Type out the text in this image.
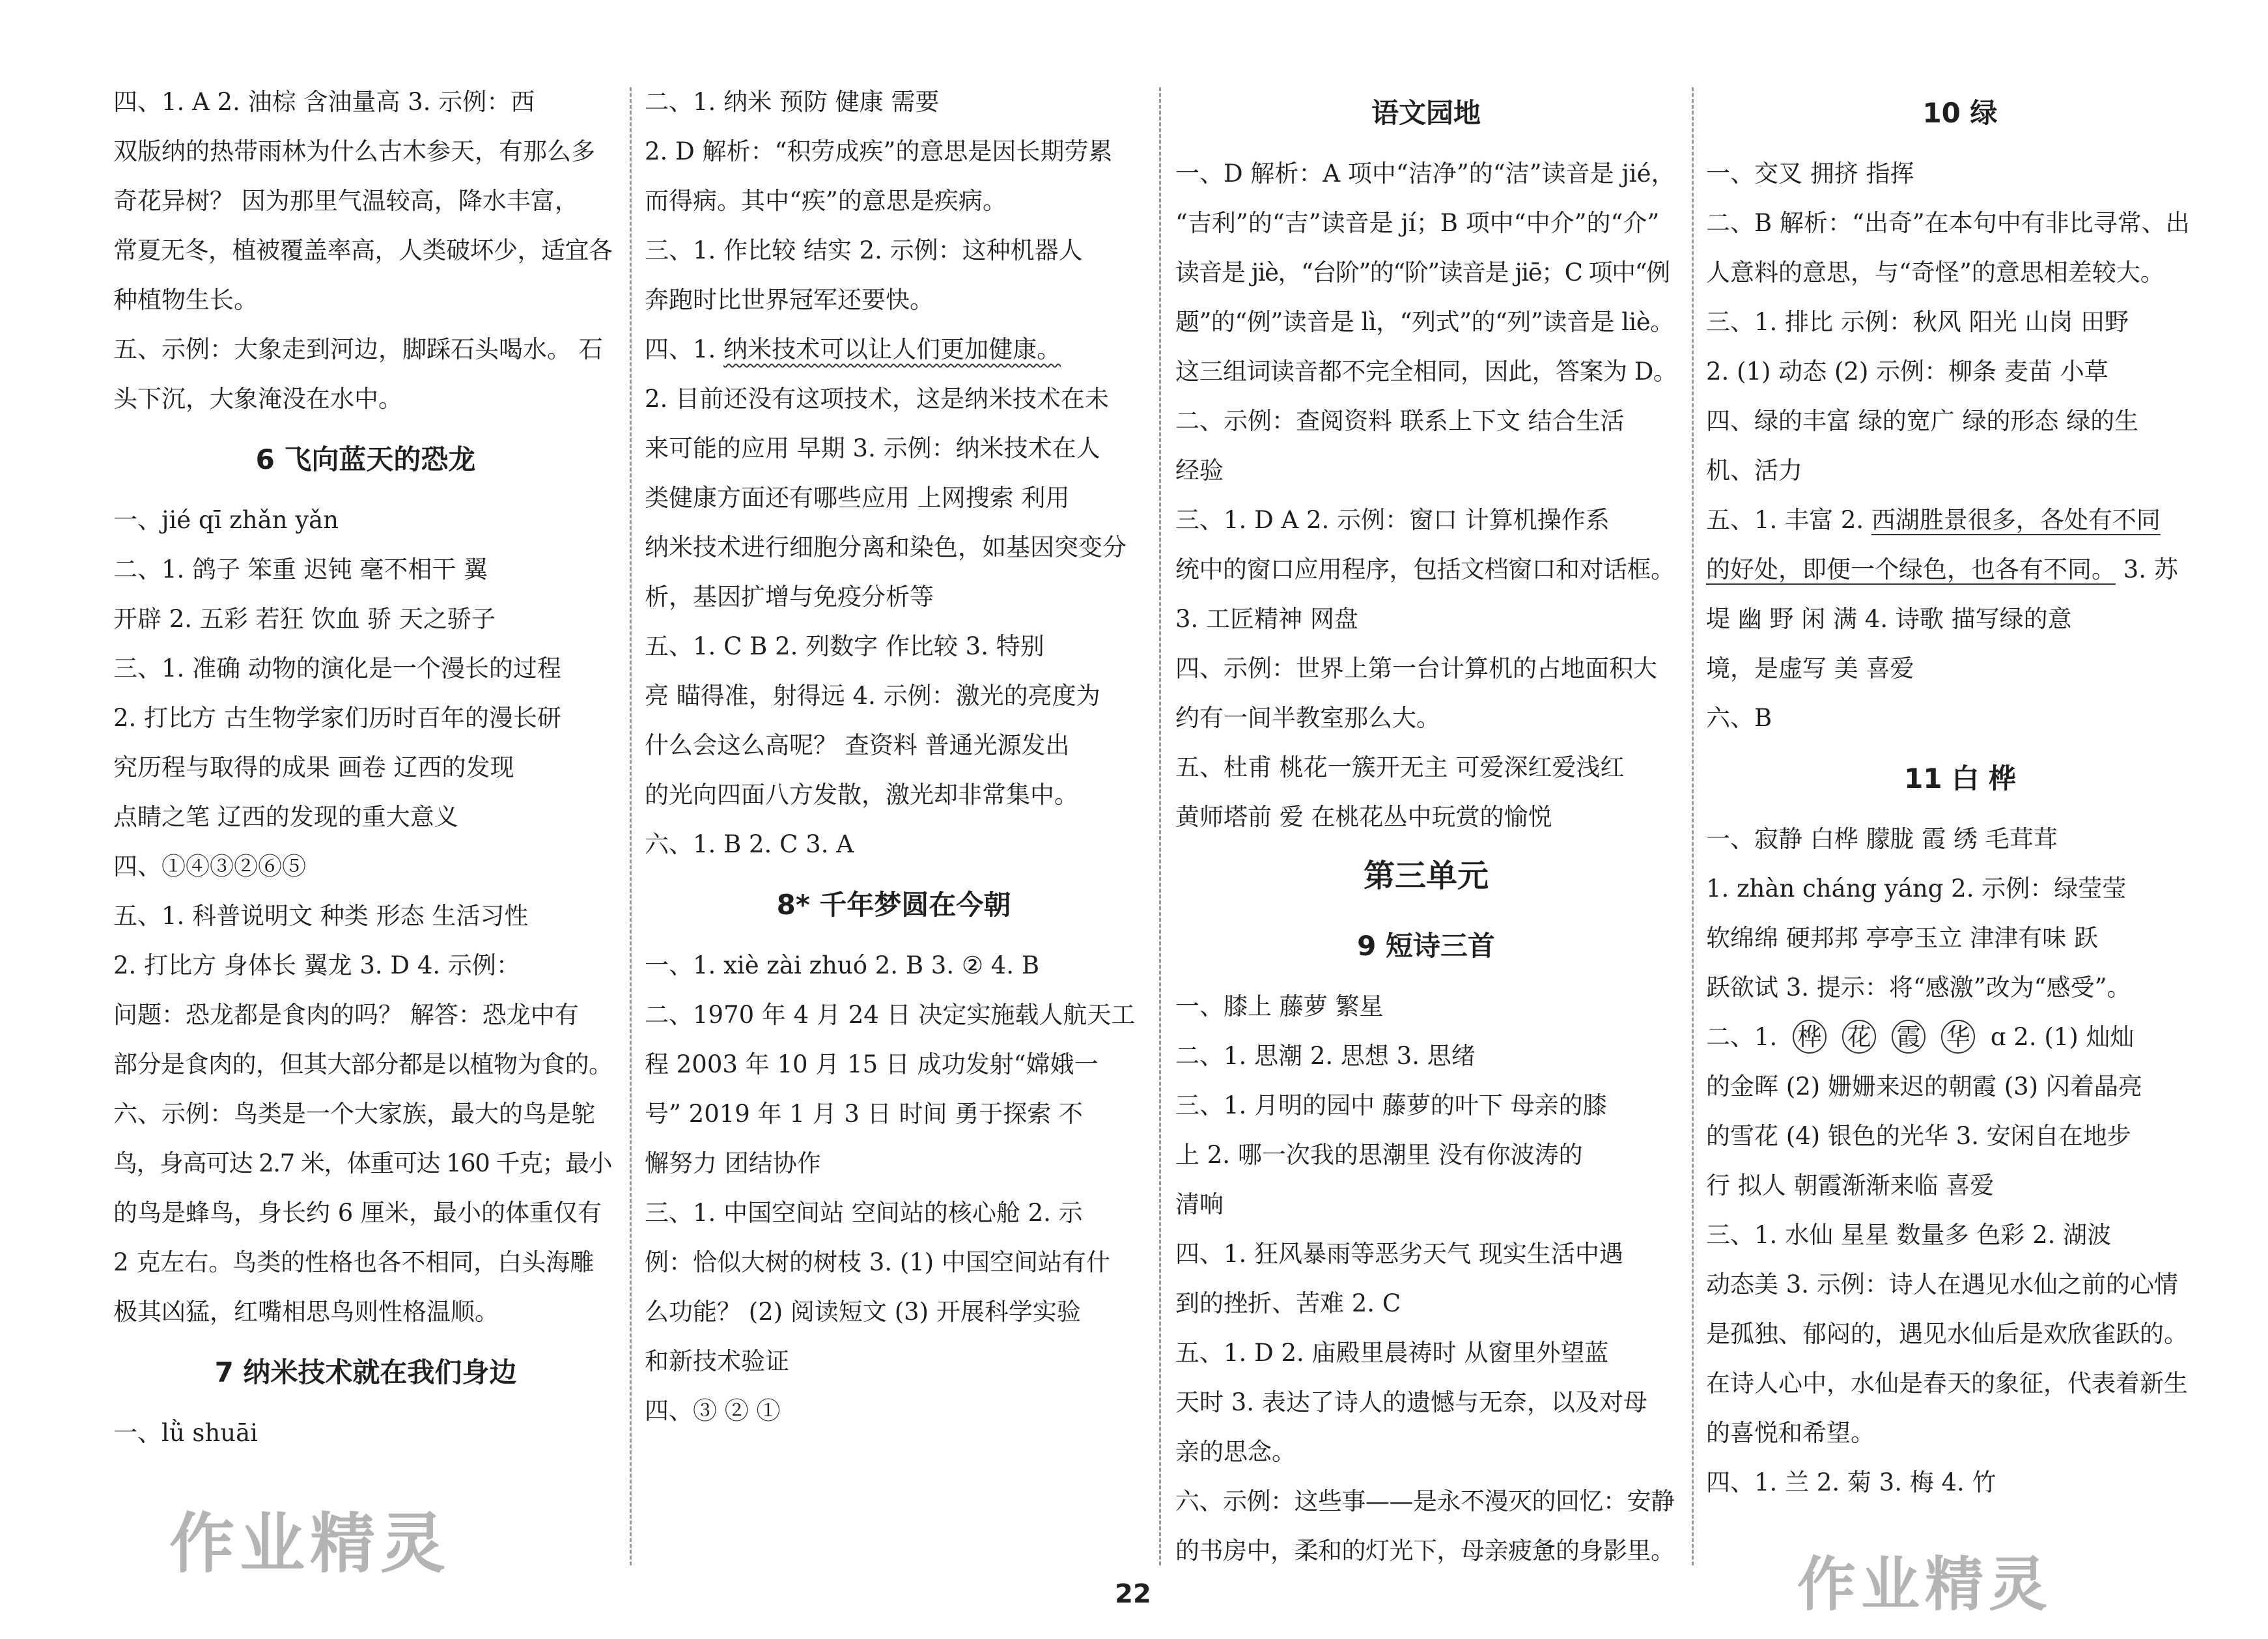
四、1. A 2. 油棕 含油量高 3. 示例：西
双版纳的热带雨林为什么古木参天，有那么多
奇花异树？ 因为那里气温较高，降水丰富，
常夏无冬，植被覆盖率高，人类破坏少，适宜各
种植物生长。
五、示例：大象走到河边，脚踩石头喝水。 石
头下沉，大象淹没在水中。
6 飞向蓝天的恐龙
一、jié qī zhǎn yǎn
二、1. 鸽子 笨重 迟钝 毫不相干 翼
开辟 2. 五彩 若狂 饮血 骄 天之骄子
三、1. 准确 动物的演化是一个漫长的过程
2. 打比方 古生物学家们历时百年的漫长研
究历程与取得的成果 画卷 辽西的发现
点睛之笔 辽西的发现的重大意义
四、①④③②⑥⑤
五、1. 科普说明文 种类 形态 生活习性
2. 打比方 身体长 翼龙 3. D 4. 示例：
问题：恐龙都是食肉的吗？ 解答：恐龙中有
部分是食肉的，但其大部分都是以植物为食的。
六、示例：鸟类是一个大家族，最大的鸟是鸵
鸟，身高可达 2.7 米，体重可达 160 千克；最小
的鸟是蜂鸟，身长约 6 厘米，最小的体重仅有
2 克左右。鸟类的性格也各不相同，白头海雕
极其凶猛，红嘴相思鸟则性格温顺。
7 纳米技术就在我们身边
一、lǜ shuāi
二、1. 纳米 预防 健康 需要
2. D 解析：“积劳成疾”的意思是因长期劳累
而得病。其中“疾”的意思是疾病。
三、1. 作比较 结实 2. 示例：这种机器人
奔跑时比世界冠军还要快。
四、1. 纳米技术可以让人们更加健康。
2. 目前还没有这项技术，这是纳米技术在未
来可能的应用 早期 3. 示例：纳米技术在人
类健康方面还有哪些应用 上网搜索 利用
纳米技术进行细胞分离和染色，如基因突变分
析，基因扩增与免疫分析等
五、1. C B 2. 列数字 作比较 3. 特别
亮 瞄得准，射得远 4. 示例：激光的亮度为
什么会这么高呢？ 查资料 普通光源发出
的光向四面八方发散，激光却非常集中。
六、1. B 2. C 3. A
8* 千年梦圆在今朝
一、1. xiè zài zhuó 2. B 3. ② 4. B
二、1970 年 4 月 24 日 决定实施载人航天工
程 2003 年 10 月 15 日 成功发射“嫦娥一
号” 2019 年 1 月 3 日 时间 勇于探索 不
懈努力 团结协作
三、1. 中国空间站 空间站的核心舱 2. 示
例：恰似大树的树枝 3. (1) 中国空间站有什
么功能？ (2) 阅读短文 (3) 开展科学实验
和新技术验证
四、③ ② ①
语文园地
一、D 解析：A 项中“洁净”的“洁”读音是 jié，
“吉利”的“吉”读音是 jí；B 项中“中介”的“介”
读音是 jiè，“台阶”的“阶”读音是 jiē；C 项中“例
题”的“例”读音是 lì，“列式”的“列”读音是 liè。
这三组词读音都不完全相同，因此，答案为 D。
二、示例：查阅资料 联系上下文 结合生活
经验
三、1. D A 2. 示例：窗口 计算机操作系
统中的窗口应用程序，包括文档窗口和对话框。
3. 工匠精神 网盘
四、示例：世界上第一台计算机的占地面积大
约有一间半教室那么大。
五、杜甫 桃花一簇开无主 可爱深红爱浅红
黄师塔前 爱 在桃花丛中玩赏的愉悦
第三单元
9 短诗三首
一、膝上 藤萝 繁星
二、1. 思潮 2. 思想 3. 思绪
三、1. 月明的园中 藤萝的叶下 母亲的膝
上 2. 哪一次我的思潮里 没有你波涛的
清响
四、1. 狂风暴雨等恶劣天气 现实生活中遇
到的挫折、苦难 2. C
五、1. D 2. 庙殿里晨祷时 从窗里外望蓝
天时 3. 表达了诗人的遗憾与无奈，以及对母
亲的思念。
六、示例：这些事——是永不漫灭的回忆：安静
的书房中，柔和的灯光下，母亲疲惫的身影里。
10 绿
一、交叉 拥挤 指挥
二、B 解析：“出奇”在本句中有非比寻常、出
人意料的意思，与“奇怪”的意思相差较大。
三、1. 排比 示例：秋风 阳光 山岗 田野
2. (1) 动态 (2) 示例：柳条 麦苗 小草
四、绿的丰富 绿的宽广 绿的形态 绿的生
机、活力
五、1. 丰富 2. 西湖胜景很多，各处有不同
的好处，即便一个绿色，也各有不同。 3. 苏
堤 幽 野 闲 满 4. 诗歌 描写绿的意
境，是虚写 美 喜爱
六、B
11 白 桦
一、寂静 白桦 朦胧 霞 绣 毛茸茸
1. zhàn cháng yáng 2. 示例：绿莹莹
软绵绵 硬邦邦 亭亭玉立 津津有味 跃
跃欲试 3. 提示：将“感激”改为“感受”。
二、1. 桦 花 霞 华 ɑ 2. (1) 灿灿
的金晖 (2) 姗姗来迟的朝霞 (3) 闪着晶亮
的雪花 (4) 银色的光华 3. 安闲自在地步
行 拟人 朝霞渐渐来临 喜爱
三、1. 水仙 星星 数量多 色彩 2. 湖波
动态美 3. 示例：诗人在遇见水仙之前的心情
是孤独、郁闷的，遇见水仙后是欢欣雀跃的。
在诗人心中，水仙是春天的象征，代表着新生
的喜悦和希望。
四、1. 兰 2. 菊 3. 梅 4. 竹
作业精灵
作业精灵
22
